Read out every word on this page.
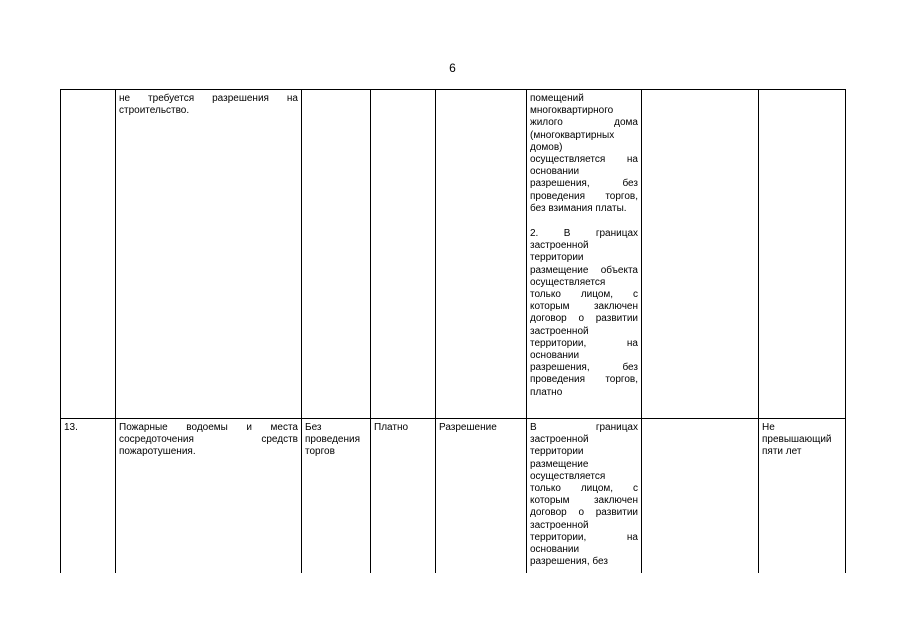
6
	не требуется разрешения на строительство.				помещений многоквартирного жилого дома (многоквартирных домов) осуществляется на основании разрешения, без проведения торгов, без взимания платы.
2. В границах застроенной территории размещение объекта осуществляется только лицом, с которым заключен договор о развитии застроенной территории, на основании разрешения, без проведения торгов, платно		

13.	Пожарные водоемы и места сосредоточения средств пожаротушения.	Без проведения торгов	Платно	Разрешение	В границах застроенной территории размещение осуществляется только лицом, с которым заключен договор о развитии застроенной территории, на основании разрешения, без		Не превышающий пяти лет
